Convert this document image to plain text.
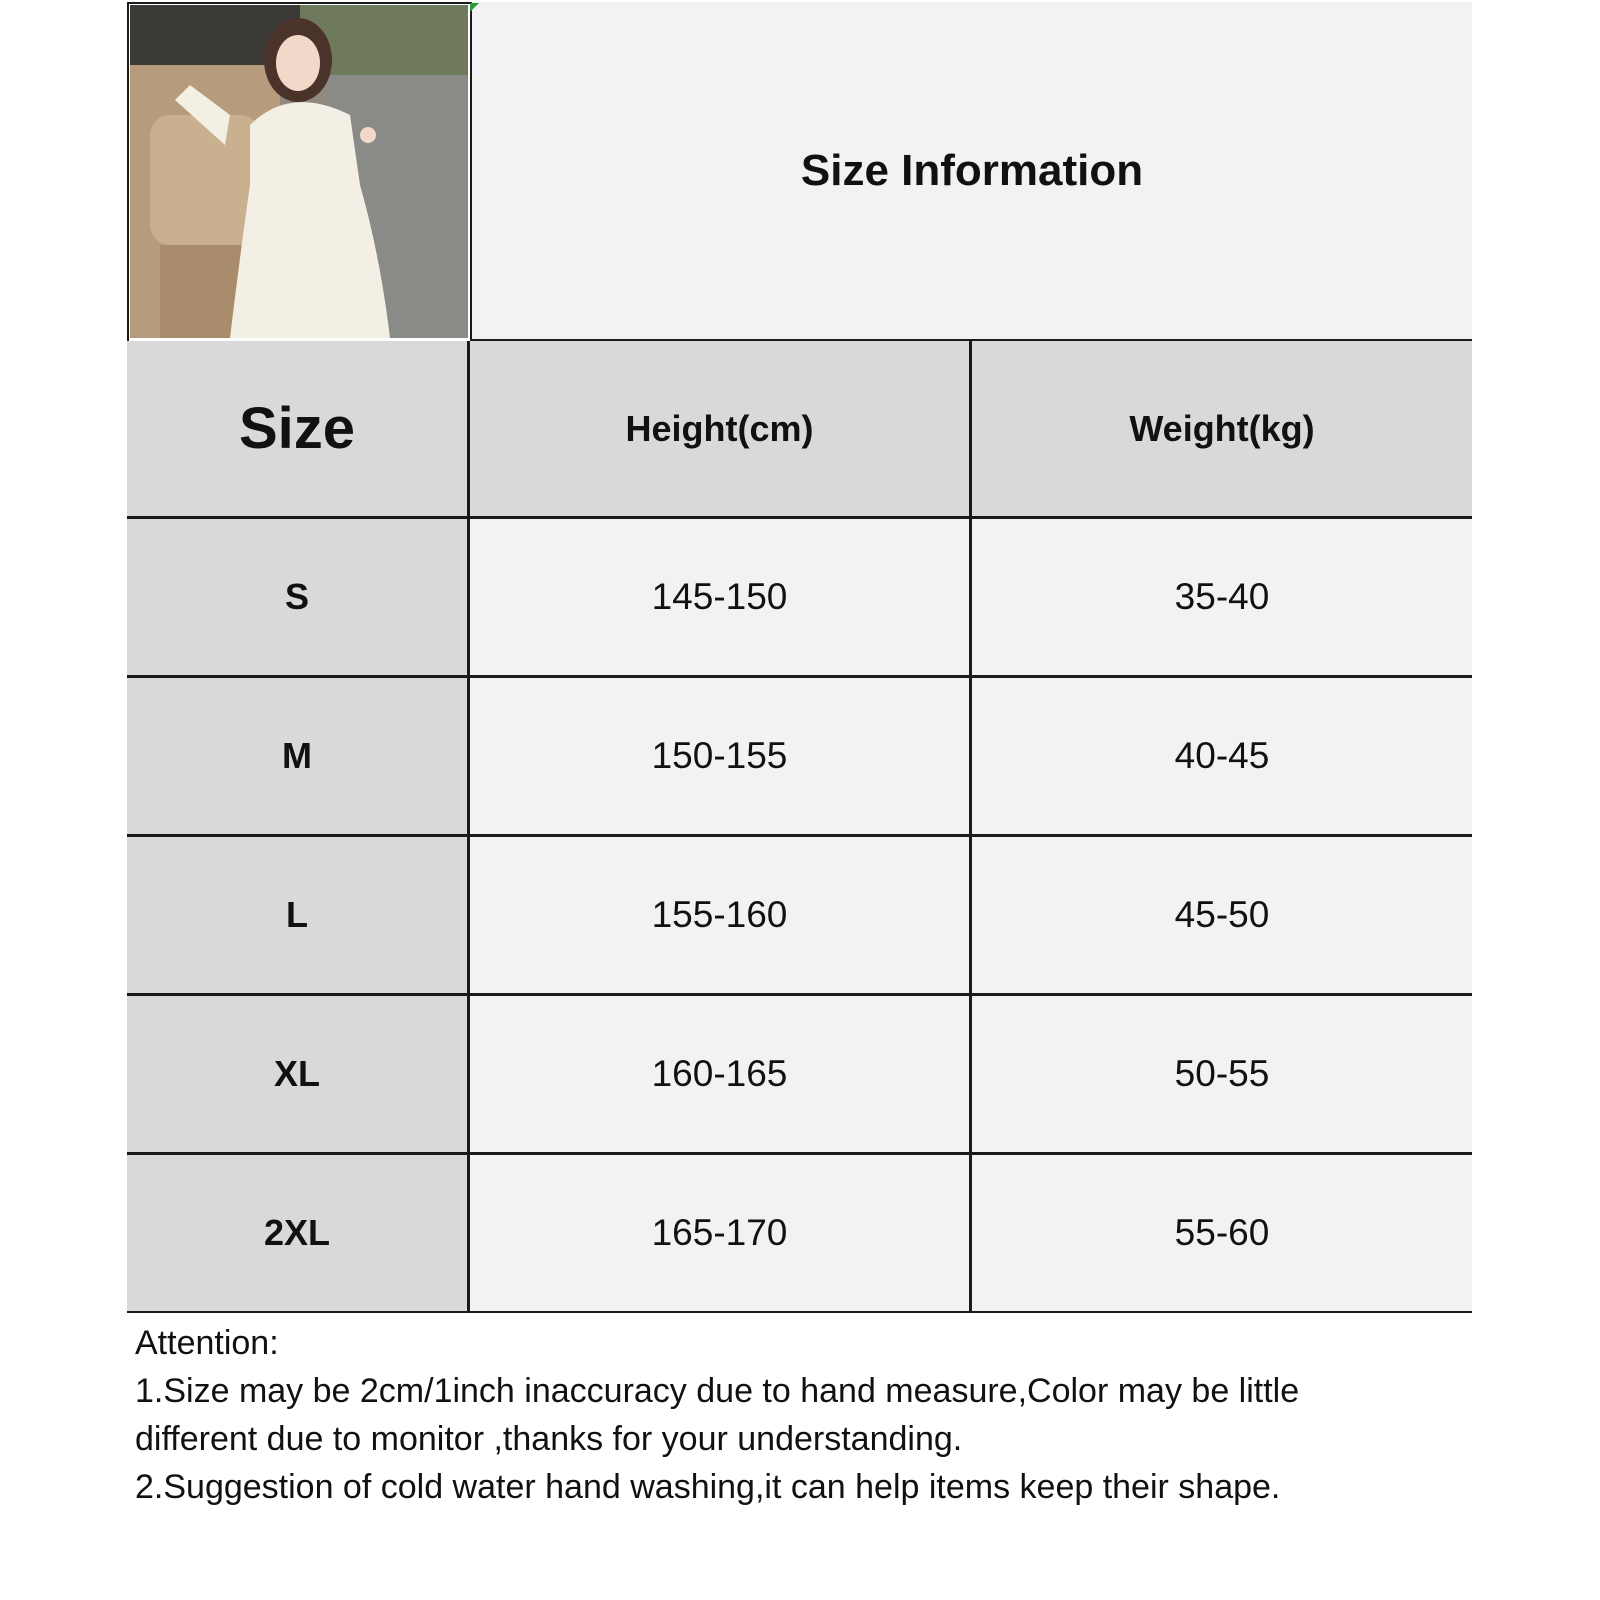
Size Information
Size	Height(cm)	Weight(kg)
S	145-150	35-40
M	150-155	40-45
L	155-160	45-50
XL	160-165	50-55
2XL	165-170	55-60
Attention:
1.Size may be 2cm/1inch inaccuracy due to hand measure,Color may be little
different due to monitor ,thanks for your understanding.
2.Suggestion of cold water hand washing,it can help items keep their shape.
